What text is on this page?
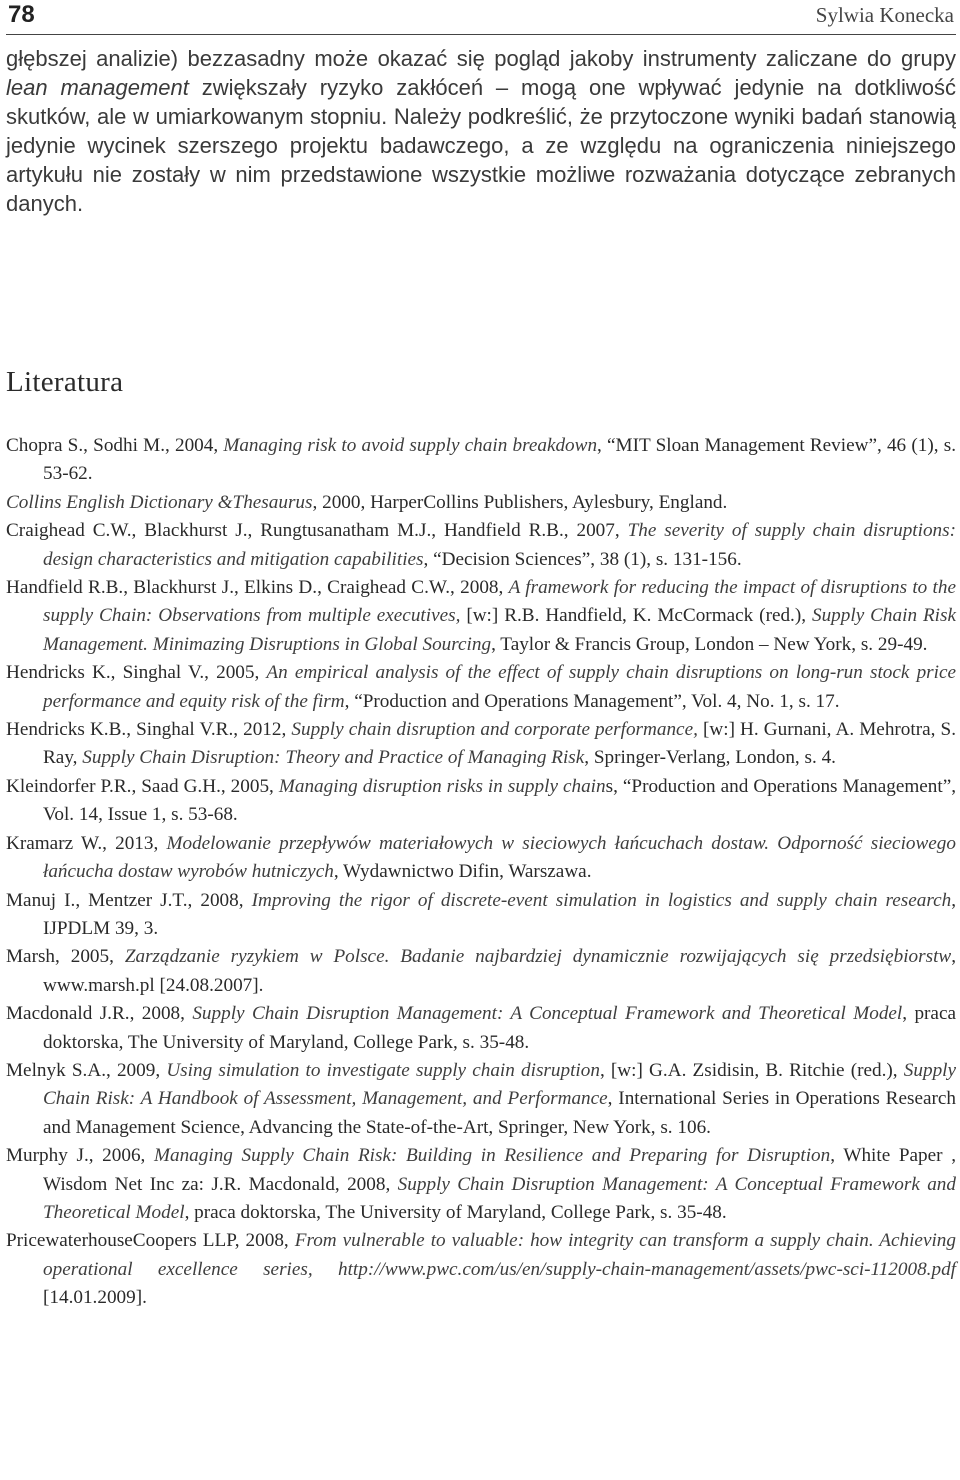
78	Sylwia Konecka

głębszej analizie) bezzasadny może okazać się pogląd jakoby instrumenty zaliczane do grupy lean management zwiększały ryzyko zakłóceń – mogą one wpływać jedynie na dotkliwość skutków, ale w umiarkowanym stopniu. Należy podkreślić, że przytoczone wyniki badań stanowią jedynie wycinek szerszego projektu badawczego, a ze względu na ograniczenia niniejszego artykułu nie zostały w nim przedstawione wszystkie możliwe rozważania dotyczące zebranych danych.

Literatura
Chopra S., Sodhi M., 2004, Managing risk to avoid supply chain breakdown, “MIT Sloan Management Review”, 46 (1), s. 53-62.
Collins English Dictionary &Thesaurus, 2000, HarperCollins Publishers, Aylesbury, England.
Craighead C.W., Blackhurst J., Rungtusanatham M.J., Handfield R.B., 2007, The severity of supply chain disruptions: design characteristics and mitigation capabilities, “Decision Sciences”, 38 (1), s. 131-156.
Handfield R.B., Blackhurst J., Elkins D., Craighead C.W., 2008, A framework for reducing the impact of disruptions to the supply Chain: Observations from multiple executives, [w:] R.B. Handfield, K. McCormack (red.), Supply Chain Risk Management. Minimazing Disruptions in Global Sourcing, Taylor & Francis Group, London – New York, s. 29-49.
Hendricks K., Singhal V., 2005, An empirical analysis of the effect of supply chain disruptions on long-run stock price performance and equity risk of the firm, “Production and Operations Management”, Vol. 4, No. 1, s. 17.
Hendricks K.B., Singhal V.R., 2012, Supply chain disruption and corporate performance, [w:] H. Gurnani, A. Mehrotra, S. Ray, Supply Chain Disruption: Theory and Practice of Managing Risk, Springer-Verlang, London, s. 4.
Kleindorfer P.R., Saad G.H., 2005, Managing disruption risks in supply chains, “Production and Operations Management”, Vol. 14, Issue 1, s. 53-68.
Kramarz W., 2013, Modelowanie przepływów materiałowych w sieciowych łańcuchach dostaw. Odporność sieciowego łańcucha dostaw wyrobów hutniczych, Wydawnictwo Difin, Warszawa.
Manuj I., Mentzer J.T., 2008, Improving the rigor of discrete-event simulation in logistics and supply chain research, IJPDLM 39, 3.
Marsh, 2005, Zarządzanie ryzykiem w Polsce. Badanie najbardziej dynamicznie rozwijających się przedsiębiorstw, www.marsh.pl [24.08.2007].
Macdonald J.R., 2008, Supply Chain Disruption Management: A Conceptual Framework and Theoretical Model, praca doktorska, The University of Maryland, College Park, s. 35-48.
Melnyk S.A., 2009, Using simulation to investigate supply chain disruption, [w:] G.A. Zsidisin, B. Ritchie (red.), Supply Chain Risk: A Handbook of Assessment, Management, and Performance, International Series in Operations Research and Management Science, Advancing the State-of-the-Art, Springer, New York, s. 106.
Murphy J., 2006, Managing Supply Chain Risk: Building in Resilience and Preparing for Disruption, White Paper , Wisdom Net Inc za: J.R. Macdonald, 2008, Supply Chain Disruption Management: A Conceptual Framework and Theoretical Model, praca doktorska, The University of Maryland, College Park, s. 35-48.
PricewaterhouseCoopers LLP, 2008, From vulnerable to valuable: how integrity can transform a supply chain. Achieving operational excellence series, http://www.pwc.com/us/en/supply-chain-management/assets/pwc-sci-112008.pdf [14.01.2009].
